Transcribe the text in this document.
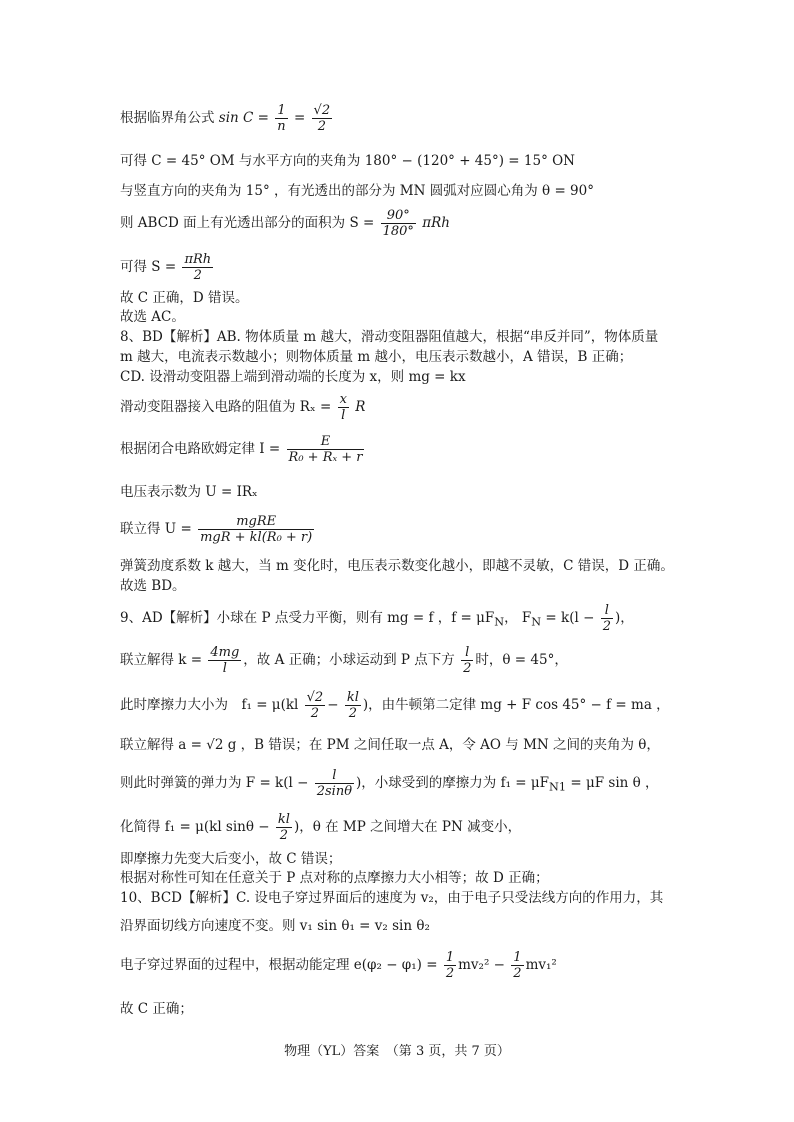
根据临界角公式 $\sin C = \frac{1}{n} = \frac{√2}{2}$
可得 C = 45° OM 与水平方向的夹角为 180° − (120° + 45°) = 15° ON
与竖直方向的夹角为 15° ，有光透出的部分为 MN 圆弧对应圆心角为 θ = 90°
则 ABCD 面上有光透出部分的面积为 $S = \frac{90^\circ}{180^\circ}$ πRh
可得 $S = \frac{\text{πRh}}{2}$
故 C 正确，D 错误。
故选 AC。
8、BD【解析】AB. 物体质量 m 越大，滑动变阻器阻值越大，根据“串反并同”，物体质量
m 越大，电流表示数越小；则物体质量 m 越小，电压表示数越小，A 错误，B 正确；
CD. 设滑动变阻器上端到滑动端的长度为 x，则 mg = kx
滑动变阻器接入电路的阻值为 $R_x = \frac{x}{l}$ R
根据闭合电路欧姆定律 $I = \frac{E}{\text{R₀ + Rₓ + r}}$
电压表示数为 U = IRₓ
联立得 $U = \frac{\text{mgRE}}{\text{mgR + kl(R₀ + r)}}$
弹簧劲度系数 k 越大，当 m 变化时，电压表示数变化越小，即越不灵敏，C 错误，D 正确。
故选 BD。
9、AD【解析】小球在 P 点受力平衡，则有 mg = f ，$f = \mu F_N$， $F_N = k(l - \frac{l}{2}$ )，
联立解得 $k = \frac{4mg}{l}$ ，故 A 正确；小球运动到 P 点下方 $\frac{l}{2}$ 时，θ = 45°，
此时摩擦力大小为　$f_1 = \mu(kl \frac{√2}{2} - \frac{kl}{2}$ )，由牛顿第二定律 mg + F cos 45° − f = ma ，
联立解得 a = √2 g ，B 错误；在 PM 之间任取一点 A，令 AO 与 MN 之间的夹角为 θ，
则此时弹簧的弹力为 $F = k(l - \frac{l}{2\sin\theta}$ )，小球受到的摩擦力为 $f_1 = \mu F_{N1} = \mu F$ sin θ ，
化简得 f₁ = μ(kl $\sin\theta - \frac{kl}{2}$ )，θ 在 MP 之间增大在 PN 减变小，
即摩擦力先变大后变小，故 C 错误；
根据对称性可知在任意关于 P 点对称的点摩擦力大小相等；故 D 正确；
10、BCD【解析】C. 设电子穿过界面后的速度为 v₂，由于电子只受法线方向的作用力，其
沿界面切线方向速度不变。则 v₁ sin θ₁ = v₂ sin θ₂
电子穿过界面的过程中，根据动能定理 $e(\varphi_2 - \varphi_1) = \frac{1}{2} mv_2^2 - \frac{1}{2} mv_1^2$
故 C 正确；
物理（YL）答案　（第 3 页，共 7 页）
